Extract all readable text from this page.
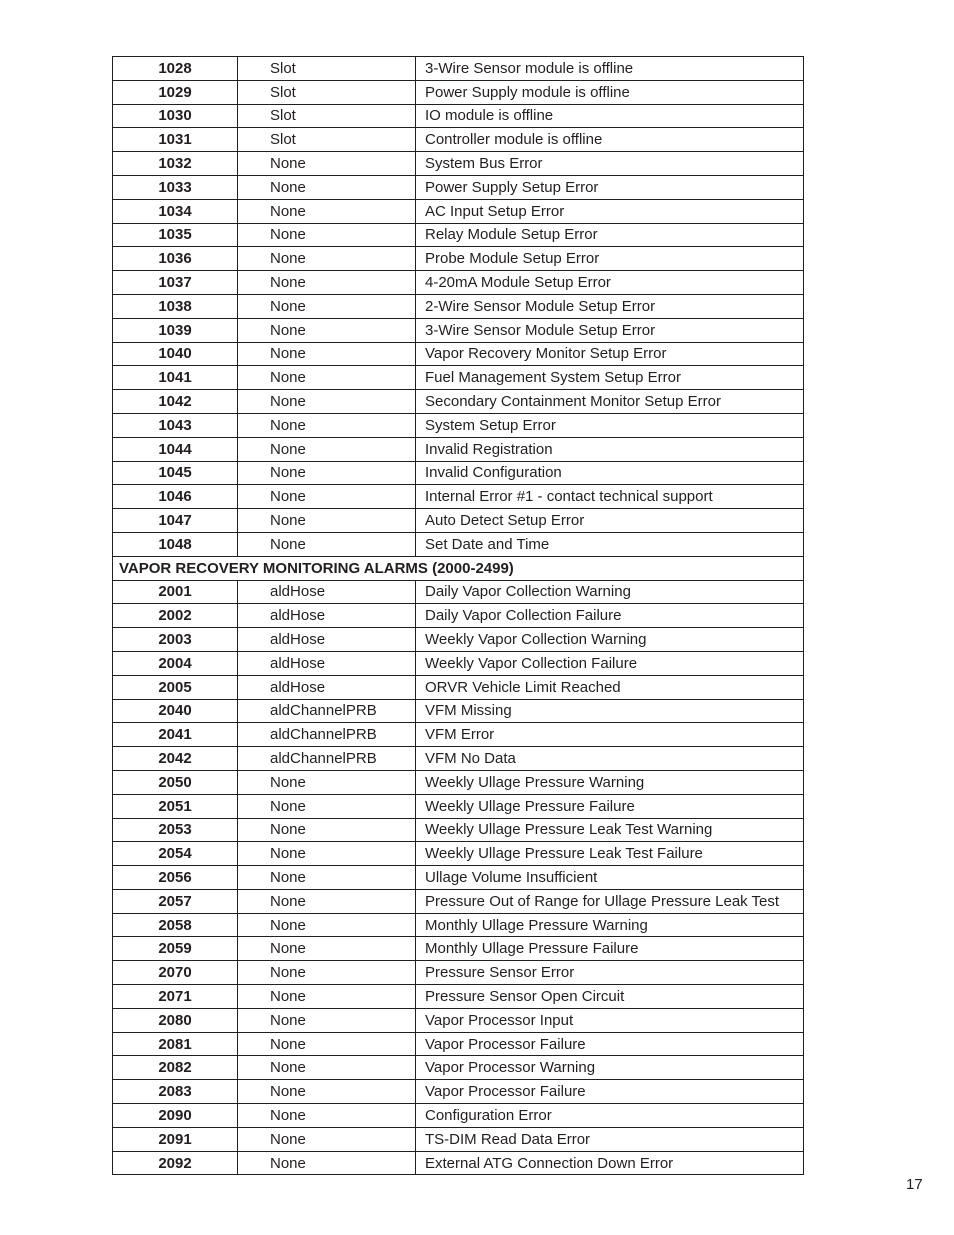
1028	Slot	3-Wire Sensor module is offline
1029	Slot	Power Supply module is offline
1030	Slot	IO module is offline
1031	Slot	Controller module is offline
1032	None	System Bus Error
1033	None	Power Supply Setup Error
1034	None	AC Input Setup Error
1035	None	Relay Module Setup Error
1036	None	Probe Module Setup Error
1037	None	4-20mA Module Setup Error
1038	None	2-Wire Sensor Module Setup Error
1039	None	3-Wire Sensor Module Setup Error
1040	None	Vapor Recovery Monitor Setup Error
1041	None	Fuel Management System Setup Error
1042	None	Secondary Containment Monitor Setup Error
1043	None	System Setup Error
1044	None	Invalid Registration
1045	None	Invalid Configuration
1046	None	Internal Error #1 - contact technical support
1047	None	Auto Detect Setup Error
1048	None	Set Date and Time
VAPOR RECOVERY MONITORING ALARMS (2000-2499)		
2001	aldHose	Daily Vapor Collection Warning
2002	aldHose	Daily Vapor Collection Failure
2003	aldHose	Weekly Vapor Collection Warning
2004	aldHose	Weekly Vapor Collection Failure
2005	aldHose	ORVR Vehicle Limit Reached
2040	aldChannelPRB	VFM Missing
2041	aldChannelPRB	VFM Error
2042	aldChannelPRB	VFM No Data
2050	None	Weekly Ullage Pressure Warning
2051	None	Weekly Ullage Pressure Failure
2053	None	Weekly Ullage Pressure Leak Test Warning
2054	None	Weekly Ullage Pressure Leak Test Failure
2056	None	Ullage Volume Insufficient
2057	None	Pressure Out of Range for Ullage Pressure Leak Test
2058	None	Monthly Ullage Pressure Warning
2059	None	Monthly Ullage Pressure Failure
2070	None	Pressure Sensor Error
2071	None	Pressure Sensor Open Circuit
2080	None	Vapor Processor Input
2081	None	Vapor Processor Failure
2082	None	Vapor Processor Warning
2083	None	Vapor Processor Failure
2090	None	Configuration Error
2091	None	TS-DIM Read Data Error
2092	None	External ATG Connection Down Error
17
